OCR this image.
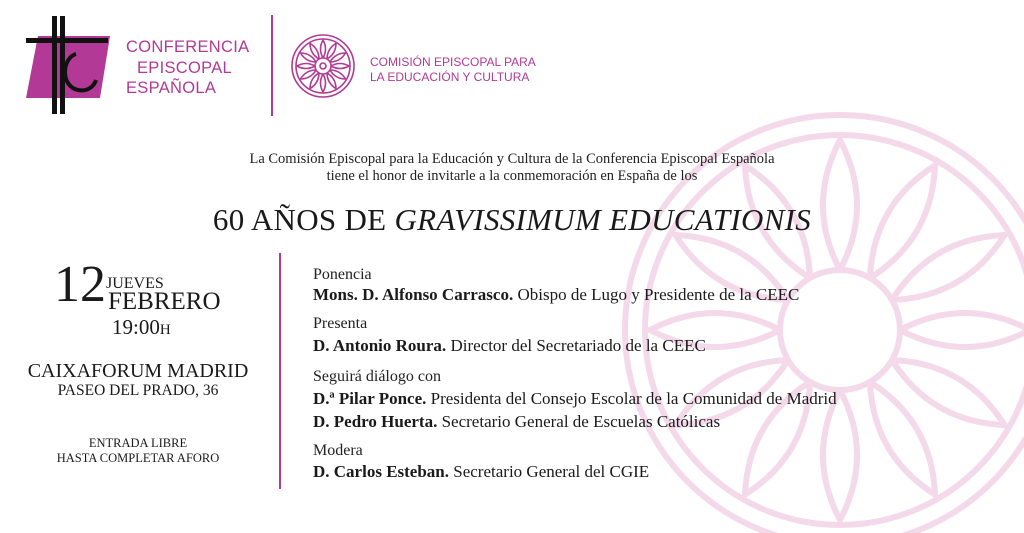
CONFERENCIA
EPISCOPAL
ESPAÑOLA
COMISIÓN EPISCOPAL PARA
LA EDUCACIÓN Y CULTURA
La Comisión Episcopal para la Educación y Cultura de la Conferencia Episcopal Española
tiene el honor de invitarle a la conmemoración en España de los
60 AÑOS DE GRAVISSIMUM EDUCATIONIS
12 JUEVES
FEBRERO
19:00H
CAIXAFORUM MADRID
PASEO DEL PRADO, 36
ENTRADA LIBRE
HASTA COMPLETAR AFORO
Ponencia
Mons. D. Alfonso Carrasco. Obispo de Lugo y Presidente de la CEEC
Presenta
D. Antonio Roura. Director del Secretariado de la CEEC
Seguirá diálogo con
D.ª Pilar Ponce. Presidenta del Consejo Escolar de la Comunidad de Madrid
D. Pedro Huerta. Secretario General de Escuelas Católicas
Modera
D. Carlos Esteban. Secretario General del CGIE
